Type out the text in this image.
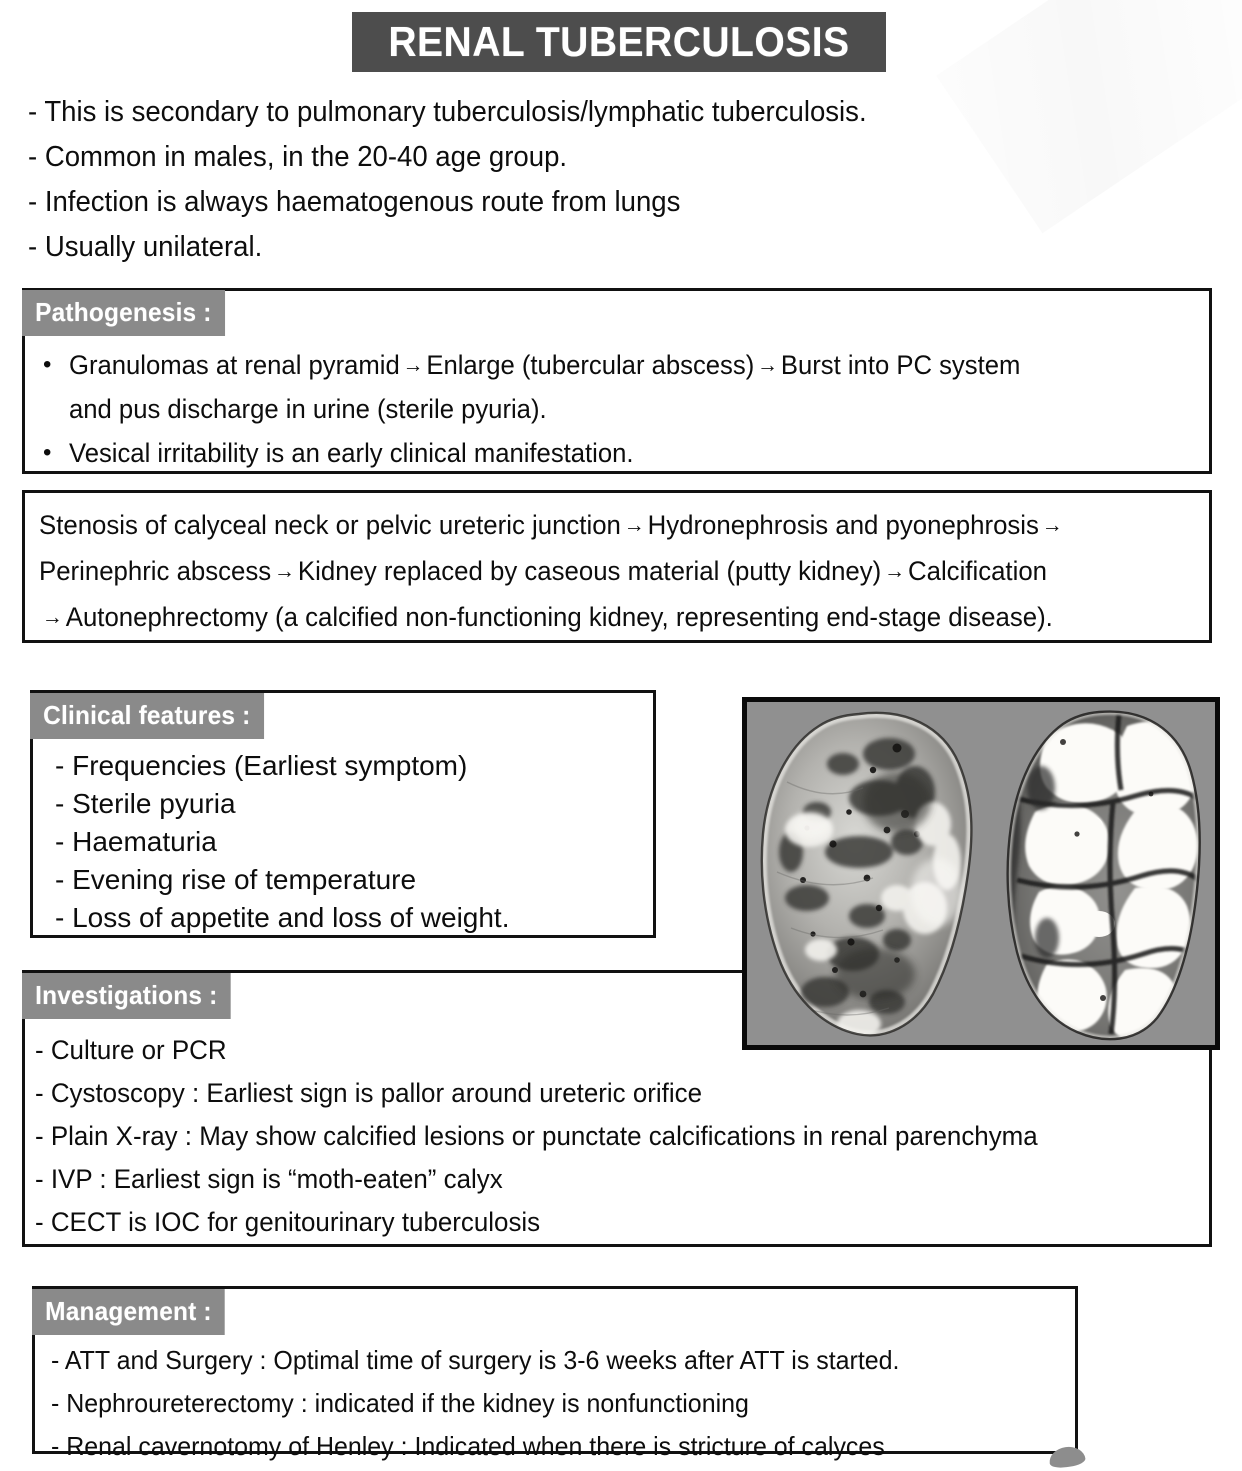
RENAL TUBERCULOSIS
- This is secondary to pulmonary tuberculosis/lymphatic tuberculosis.
- Common in males, in the 20-40 age group.
- Infection is always haematogenous route from lungs
- Usually unilateral.
• Granulomas at renal pyramid → Enlarge (tubercular abscess) → Burst into PC system
and pus discharge in urine (sterile pyuria).
• Vesical irritability is an early clinical manifestation.
Pathogenesis :
Stenosis of calyceal neck or pelvic ureteric junction → Hydronephrosis and pyonephrosis →
Perinephric abscess → Kidney replaced by caseous material (putty kidney) → Calcification
→ Autonephrectomy (a calcified non-functioning kidney, representing end-stage disease).
- Frequencies (Earliest symptom)
- Sterile pyuria
- Haematuria
- Evening rise of temperature
- Loss of appetite and loss of weight.
Clinical features :
- Culture or PCR
- Cystoscopy : Earliest sign is pallor around ureteric orifice
- Plain X-ray : May show calcified lesions or punctate calcifications in renal parenchyma
- IVP : Earliest sign is “moth-eaten” calyx
- CECT is IOC for genitourinary tuberculosis
Investigations :
- ATT and Surgery : Optimal time of surgery is 3-6 weeks after ATT is started.
- Nephroureterectomy : indicated if the kidney is nonfunctioning
- Renal cavernotomy of Henley : Indicated when there is stricture of calyces
Management :
